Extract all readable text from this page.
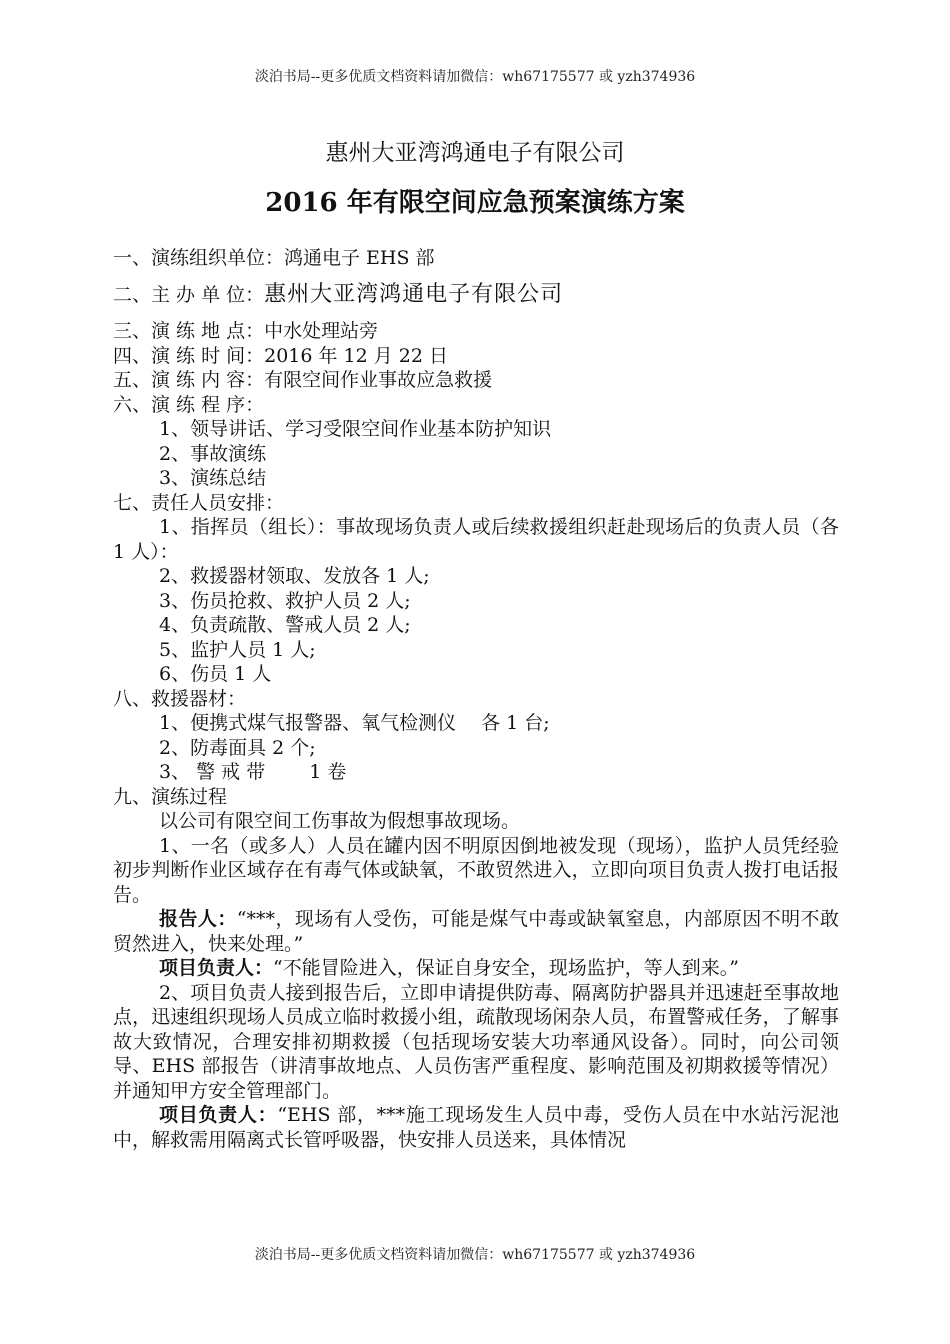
淡泊书局--更多优质文档资料请加微信：wh67175577 或 yzh374936
惠州大亚湾鸿通电子有限公司
2016 年有限空间应急预案演练方案

一、演练组织单位：鸿通电子 EHS 部

二、主 办 单 位：惠州大亚湾鸿通电子有限公司

三、演 练 地 点：中水处理站旁

四、演 练 时 间：2016 年 12 月 22 日

五、演 练 内 容：有限空间作业事故应急救援

六、演 练 程 序：

1、领导讲话、学习受限空间作业基本防护知识

2、事故演练

3、演练总结

七、责任人员安排：

1、指挥员（组长）：事故现场负责人或后续救援组织赶赴现场后的负责人员（各 1 人）：

2、救援器材领取、发放各 1 人;

3、伤员抢救、救护人员 2 人;

4、负责疏散、警戒人员 2 人;

5、监护人员 1 人;

6、伤员 1 人

八、救援器材：

1、便携式煤气报警器、氧气检测仪　 各 1 台;

2、防毒面具 2 个;

3、 警 戒 带　　 1 卷

九、演练过程

以公司有限空间工伤事故为假想事故现场。

1、一名（或多人）人员在罐内因不明原因倒地被发现（现场），监护人员凭经验初步判断作业区域存在有毒气体或缺氧，不敢贸然进入，立即向项目负责人拨打电话报告。

报告人：“***，现场有人受伤，可能是煤气中毒或缺氧窒息，内部原因不明不敢贸然进入，快来处理。”

项目负责人：“不能冒险进入，保证自身安全，现场监护，等人到来。”

2、项目负责人接到报告后，立即申请提供防毒、隔离防护器具并迅速赶至事故地点，迅速组织现场人员成立临时救援小组，疏散现场闲杂人员，布置警戒任务，了解事故大致情况，合理安排初期救援（包括现场安装大功率通风设备）。同时，向公司领导、EHS 部报告（讲清事故地点、人员伤害严重程度、影响范围及初期救援等情况）并通知甲方安全管理部门。

项目负责人：“EHS 部，***施工现场发生人员中毒，受伤人员在中水站污泥池中，解救需用隔离式长管呼吸器，快安排人员送来，具体情况

淡泊书局--更多优质文档资料请加微信：wh67175577 或 yzh374936
